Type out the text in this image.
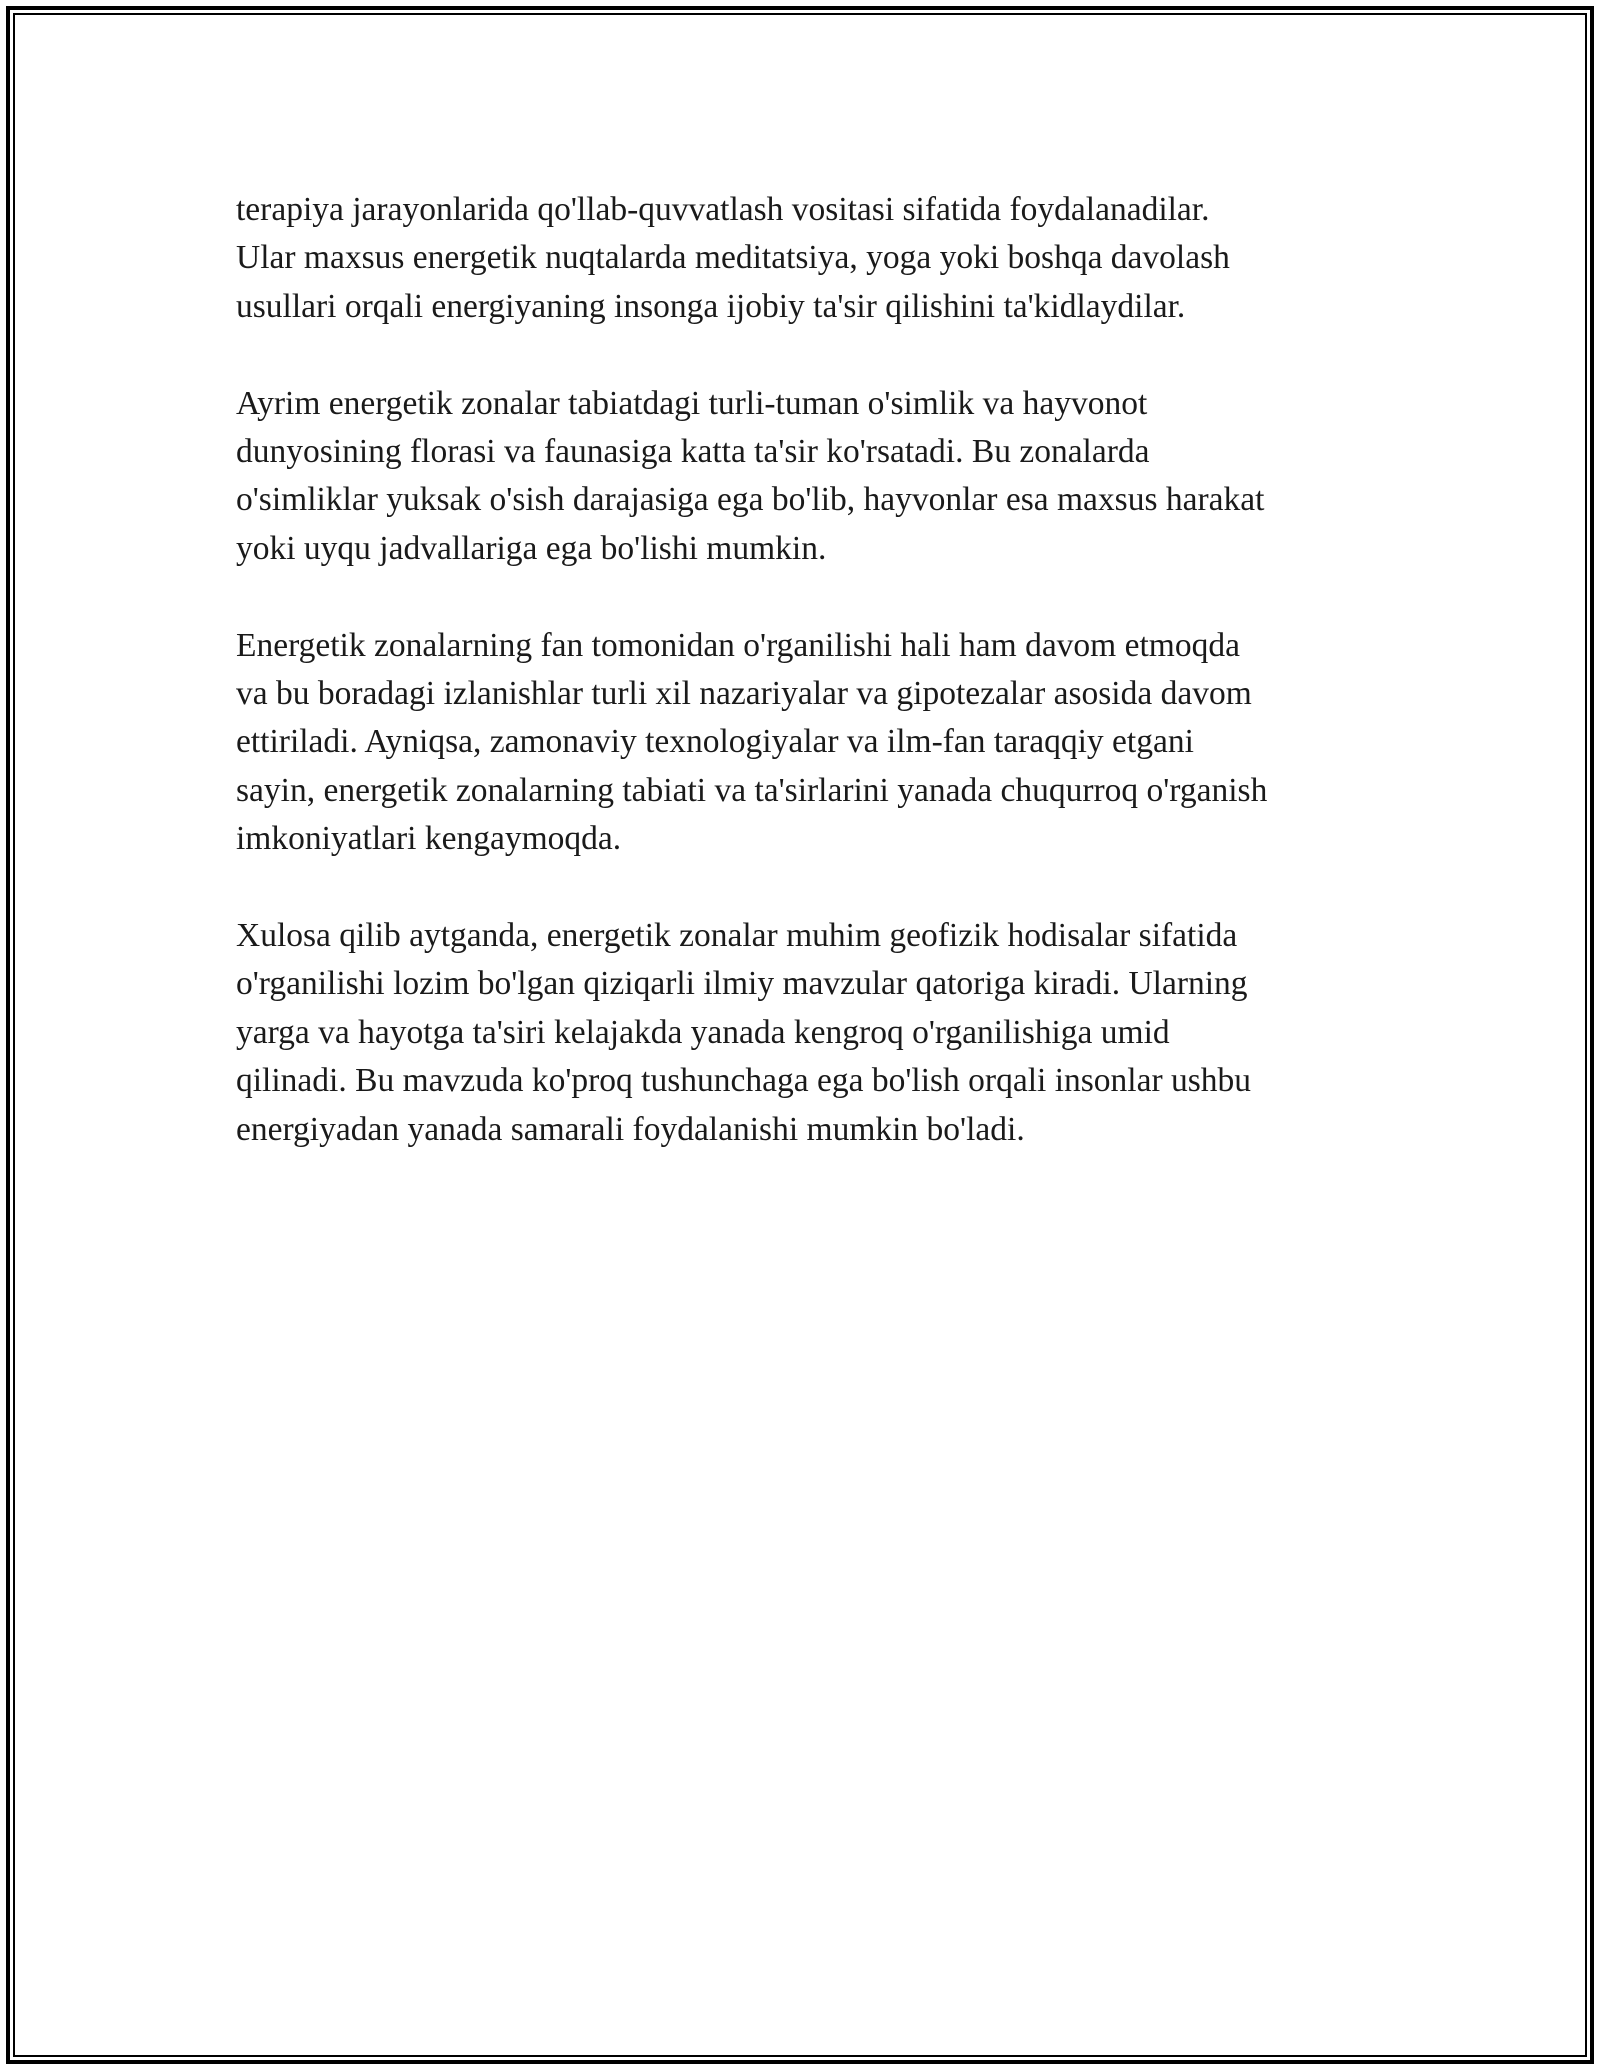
terapiya jarayonlarida qo'llab-quvvatlash vositasi sifatida foydalanadilar.
Ular maxsus energetik nuqtalarda meditatsiya, yoga yoki boshqa davolash
usullari orqali energiyaning insonga ijobiy ta'sir qilishini ta'kidlaydilar.

Ayrim energetik zonalar tabiatdagi turli-tuman o'simlik va hayvonot
dunyosining florasi va faunasiga katta ta'sir ko'rsatadi. Bu zonalarda
o'simliklar yuksak o'sish darajasiga ega bo'lib, hayvonlar esa maxsus harakat
yoki uyqu jadvallariga ega bo'lishi mumkin.

Energetik zonalarning fan tomonidan o'rganilishi hali ham davom etmoqda
va bu boradagi izlanishlar turli xil nazariyalar va gipotezalar asosida davom
ettiriladi. Ayniqsa, zamonaviy texnologiyalar va ilm-fan taraqqiy etgani
sayin, energetik zonalarning tabiati va ta'sirlarini yanada chuqurroq o'rganish
imkoniyatlari kengaymoqda.

Xulosa qilib aytganda, energetik zonalar muhim geofizik hodisalar sifatida
o'rganilishi lozim bo'lgan qiziqarli ilmiy mavzular qatoriga kiradi. Ularning
yarga va hayotga ta'siri kelajakda yanada kengroq o'rganilishiga umid
qilinadi. Bu mavzuda ko'proq tushunchaga ega bo'lish orqali insonlar ushbu
energiyadan yanada samarali foydalanishi mumkin bo'ladi.
